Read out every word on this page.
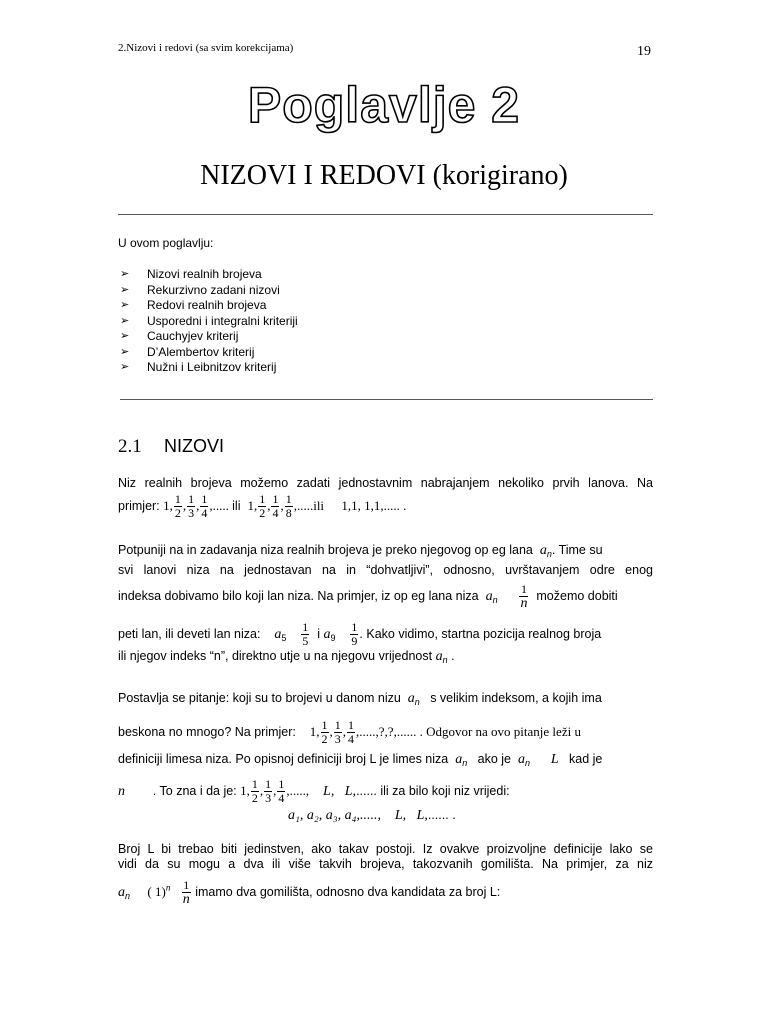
2.Nizovi i redovi (sa svim korekcijama)	19
Poglavlje 2
NIZOVI I REDOVI (korigirano)
U ovom poglavlju:
➢	Nizovi realnih brojeva
➢	Rekurzivno zadani nizovi
➢	Redovi realnih brojeva
➢	Usporedni i integralni kriteriji
➢	Cauchyjev kriterij
➢	D’Alembertov kriterij
➢	Nužni i Leibnitzov kriterij
2.1 NIZOVI
Niz realnih brojeva možemo zadati jednostavnim nabrajanjem nekoliko prvih lanova. Na
primjer: 1, $\frac{1}{2}$ , $\frac{1}{3}$ , $\frac{1}{4}$ ,..... ili 1, $\frac{1}{2}$ , $\frac{1}{4}$ , $\frac{1}{8} ,.....ili$ 1,1, 1,1,..... .
Potpuniji na in zadavanja niza realnih brojeva je preko njegovog op eg lana $a_n$. Time su
svi lanovi niza na jednostavan na in “dohvatljivi”, odnosno, uvrštavanjem odre enog
indeksa dobivamo bilo koji lan niza. Na primjer, iz op eg lana niza $a_n \frac{1}{n}$ možemo dobiti
peti lan, ili deveti lan niza: $a_5 \frac{1}{5}$ i $a_9 \frac{1}{9}$ . Kako vidimo, startna pozicija realnog broja
ili njegov indeks “n”, direktno utje u na njegovu vrijednost $a_n$ .
Postavlja se pitanje: koji su to brojevi u danom nizu $a_n$ s velikim indeksom, a kojih ima
beskona no mnogo? Na primjer: 1, $\frac{1}{2}$ , $\frac{1}{3}$ , $\frac{1}{4}$ ,.....,?,?,...... . Odgovor na ovo pitanje leži u
definiciji limesa niza. Po opisnoj definiciji broj L je limes niza $a_n$ ako je $a_n$ L kad je
n . To zna i da je: 1, $\frac{1}{2}$ , $\frac{1}{3}$ , $\frac{1}{4}$ ,....., L, L,...... ili za bilo koji niz vrijedi:
a₁, a₂, a₃, a₄,....., L, L,...... .
Broj L bi trebao biti jedinstven, ako takav postoji. Iz ovakve proizvoljne definicije lako se
vidi da su mogu a dva ili više takvih brojeva, takozvanih gomilišta. Na primjer, za niz
$a_n$ ( $1)^n \frac{1}{n}$ imamo dva gomilišta, odnosno dva kandidata za broj L:
